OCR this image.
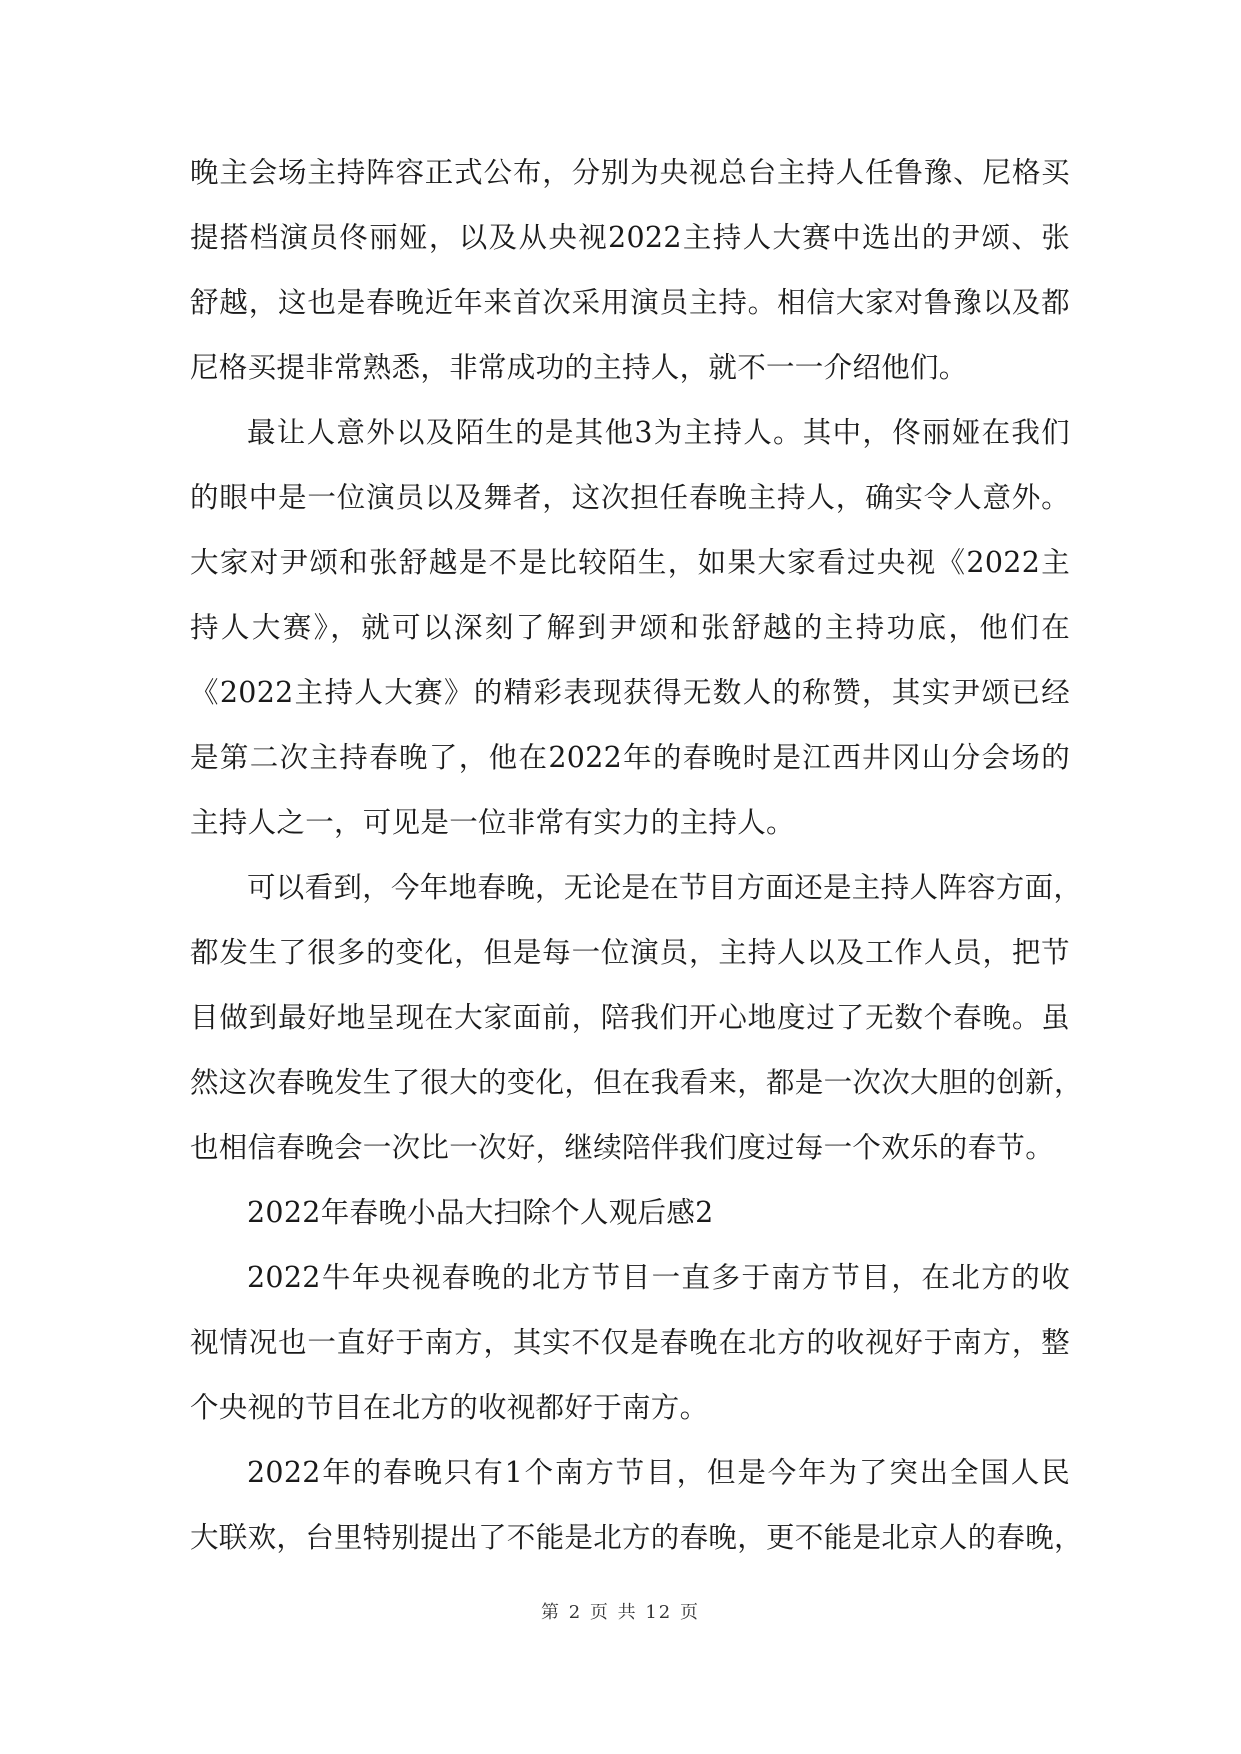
晚主会场主持阵容正式公布，分别为央视总台主持人任鲁豫、尼格买
提搭档演员佟丽娅，以及从央视2022主持人大赛中选出的尹颂、张
舒越，这也是春晚近年来首次采用演员主持。相信大家对鲁豫以及都
尼格买提非常熟悉，非常成功的主持人，就不一一介绍他们。
最让人意外以及陌生的是其他3为主持人。其中，佟丽娅在我们
的眼中是一位演员以及舞者，这次担任春晚主持人，确实令人意外。
大家对尹颂和张舒越是不是比较陌生，如果大家看过央视《2022主
持人大赛》，就可以深刻了解到尹颂和张舒越的主持功底，他们在
《2022主持人大赛》的精彩表现获得无数人的称赞，其实尹颂已经
是第二次主持春晚了，他在2022年的春晚时是江西井冈山分会场的
主持人之一，可见是一位非常有实力的主持人。
可以看到，今年地春晚，无论是在节目方面还是主持人阵容方面，
都发生了很多的变化，但是每一位演员，主持人以及工作人员，把节
目做到最好地呈现在大家面前，陪我们开心地度过了无数个春晚。虽
然这次春晚发生了很大的变化，但在我看来，都是一次次大胆的创新，
也相信春晚会一次比一次好，继续陪伴我们度过每一个欢乐的春节。
2022年春晚小品大扫除个人观后感2
2022牛年央视春晚的北方节目一直多于南方节目，在北方的收
视情况也一直好于南方，其实不仅是春晚在北方的收视好于南方，整
个央视的节目在北方的收视都好于南方。
2022年的春晚只有1个南方节目，但是今年为了突出全国人民
大联欢，台里特别提出了不能是北方的春晚，更不能是北京人的春晚，
第 2 页 共 12 页
